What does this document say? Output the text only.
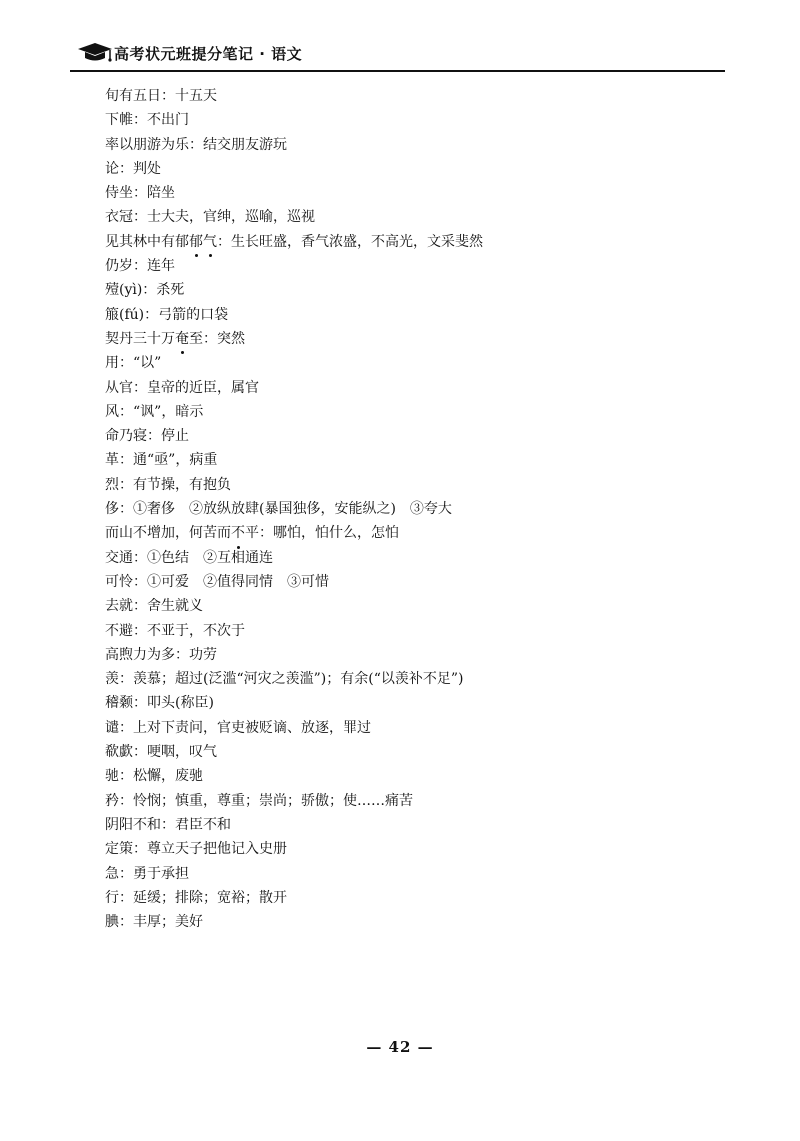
高考状元班提分笔记 · 语文
旬有五日：十五天
下帷：不出门
率以朋游为乐：结交朋友游玩
论：判处
侍坐：陪坐
衣冠：士大夫，官绅，巡喻，巡视
见其林中有郁郁气：生长旺盛，香气浓盛，不高光，文采斐然
仍岁：连年
殪(yì)：杀死
箙(fú)：弓箭的口袋
契丹三十万奄至：突然
用：“以”
从官：皇帝的近臣，属官
风：“讽”，暗示
命乃寝：停止
革：通“亟”，病重
烈：有节操，有抱负
侈：①奢侈　②放纵放肆(暴国独侈，安能纵之)　③夸大
而山不增加，何苦而不平：哪怕，怕什么，怎怕
交通：①色结　②互相通连
可怜：①可爱　②值得同情　③可惜
去就：舍生就义
不避：不亚于，不次于
高煦力为多：功劳
羡：羡慕；超过(泛滥“河灾之羡滥”)；有余(“以羡补不足”)
稽颡：叩头(称臣)
谴：上对下责问，官吏被贬谪、放逐，罪过
欷歔：哽咽，叹气
驰：松懈，废驰
矜：怜悯；慎重，尊重；崇尚；骄傲；使……痛苦
阴阳不和：君臣不和
定策：尊立天子把他记入史册
急：勇于承担
行：延缓；排除；宽裕；散开
腆：丰厚；美好
— 42 —
